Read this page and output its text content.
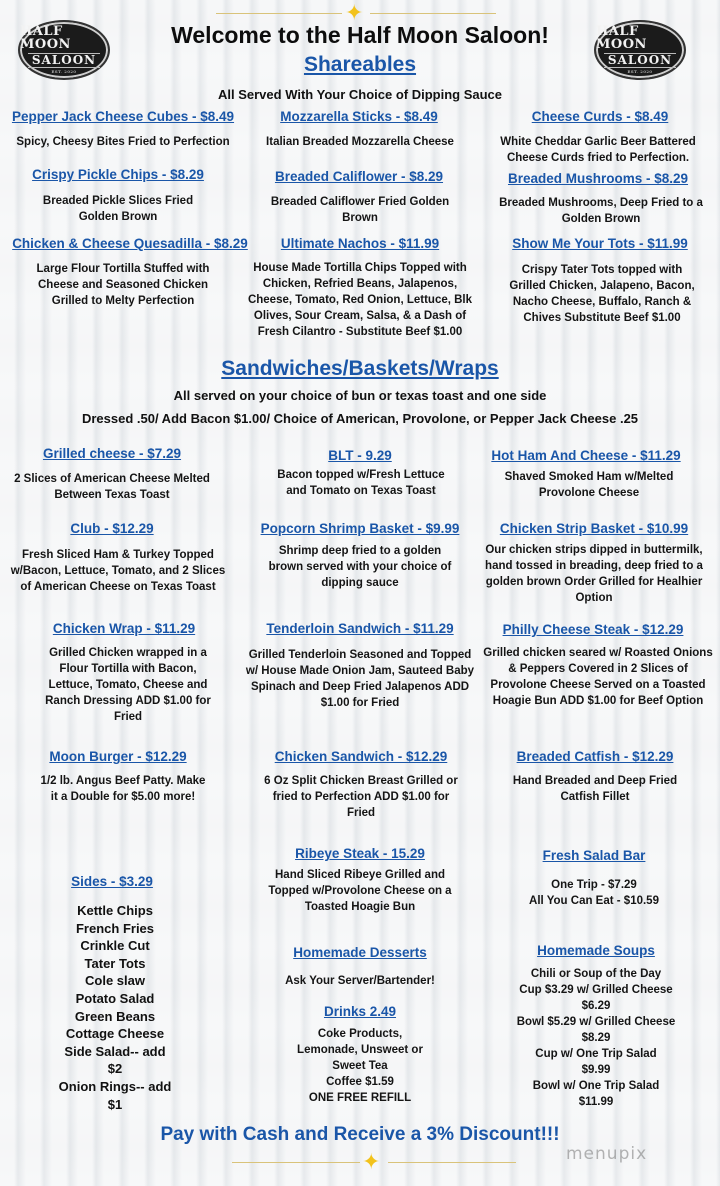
✦
HALF MOON
SALOON
EST. 2020
HALF MOON
SALOON
EST. 2020
Welcome to the Half Moon Saloon!
Shareables
All Served With Your Choice of Dipping Sauce
Pepper Jack Cheese Cubes - $8.49
Spicy, Cheesy Bites Fried to Perfection
Mozzarella Sticks - $8.49
Italian Breaded Mozzarella Cheese
Cheese Curds - $8.49
White Cheddar Garlic Beer Battered Cheese Curds fried to Perfection.
Crispy Pickle Chips - $8.29
Breaded Pickle Slices Fried Golden Brown
Breaded Califlower - $8.29
Breaded Califlower Fried Golden Brown
Breaded Mushrooms - $8.29
Breaded Mushrooms, Deep Fried to a Golden Brown
Chicken & Cheese Quesadilla - $8.29
Large Flour Tortilla Stuffed with Cheese and Seasoned Chicken Grilled to Melty Perfection
Ultimate Nachos - $11.99
House Made Tortilla Chips Topped with Chicken, Refried Beans, Jalapenos, Cheese, Tomato, Red Onion, Lettuce, Blk Olives, Sour Cream, Salsa, & a Dash of Fresh Cilantro - Substitute Beef $1.00
Show Me Your Tots - $11.99
Crispy Tater Tots topped with Grilled Chicken, Jalapeno, Bacon, Nacho Cheese, Buffalo, Ranch & Chives Substitute Beef $1.00
Sandwiches/Baskets/Wraps
All served on your choice of bun or texas toast and one side
Dressed .50/ Add Bacon $1.00/ Choice of American, Provolone, or Pepper Jack Cheese .25
Grilled cheese - $7.29
2 Slices of American Cheese Melted Between Texas Toast
BLT - 9.29
Bacon topped w/Fresh Lettuce and Tomato on Texas Toast
Hot Ham And Cheese - $11.29
Shaved Smoked Ham w/Melted Provolone Cheese
Club - $12.29
Fresh Sliced Ham & Turkey Topped w/Bacon, Lettuce, Tomato, and 2 Slices of American Cheese on Texas Toast
Popcorn Shrimp Basket - $9.99
Shrimp deep fried to a golden brown served with your choice of dipping sauce
Chicken Strip Basket - $10.99
Our chicken strips dipped in buttermilk, hand tossed in breading, deep fried to a golden brown Order Grilled for Healhier Option
Chicken Wrap - $11.29
Grilled Chicken wrapped in a Flour Tortilla with Bacon, Lettuce, Tomato, Cheese and Ranch Dressing ADD $1.00 for Fried
Tenderloin Sandwich - $11.29
Grilled Tenderloin Seasoned and Topped w/ House Made Onion Jam, Sauteed Baby Spinach and Deep Fried Jalapenos ADD $1.00 for Fried
Philly Cheese Steak - $12.29
Grilled chicken seared w/ Roasted Onions & Peppers Covered in 2 Slices of Provolone Cheese Served on a Toasted Hoagie Bun ADD $1.00 for Beef Option
Moon Burger - $12.29
1/2 lb. Angus Beef Patty. Make it a Double for $5.00 more!
Chicken Sandwich - $12.29
6 Oz Split Chicken Breast Grilled or fried to Perfection ADD $1.00 for Fried
Breaded Catfish - $12.29
Hand Breaded and Deep Fried Catfish Fillet
Ribeye Steak - 15.29
Hand Sliced Ribeye Grilled and Topped w/Provolone Cheese on a Toasted Hoagie Bun
Sides - $3.29
Kettle Chips
French Fries
Crinkle Cut
Tater Tots
Cole slaw
Potato Salad
Green Beans
Cottage Cheese
Side Salad-- add
$2
Onion Rings-- add
$1
Fresh Salad Bar
One Trip - $7.29
All You Can Eat - $10.59
Homemade Desserts
Ask Your Server/Bartender!
Drinks 2.49
Coke Products,
Lemonade, Unsweet or
Sweet Tea
Coffee $1.59
ONE FREE REFILL
Homemade Soups
Chili or Soup of the Day
Cup $3.29 w/ Grilled Cheese
$6.29
Bowl $5.29 w/ Grilled Cheese
$8.29
Cup w/ One Trip Salad
$9.99
Bowl w/ One Trip Salad
$11.99
Pay with Cash and Receive a 3% Discount!!!
✦	menupix
